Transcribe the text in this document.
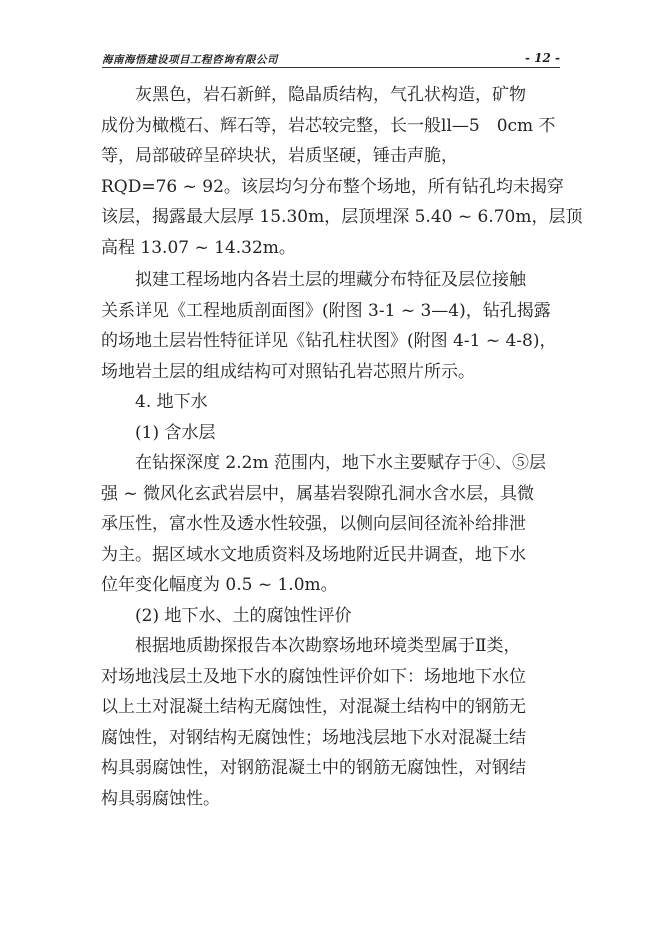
海南海悟建设项目工程咨询有限公司	- 12 -
灰黑色，岩石新鲜，隐晶质结构，气孔状构造，矿物
成份为橄榄石、辉石等，岩芯较完整，长一般ll—5　0cm 不
等，局部破碎呈碎块状，岩质坚硬，锤击声脆，
RQD=76 ~ 92。该层均匀分布整个场地，所有钻孔均未揭穿
该层，揭露最大层厚 15.30m，层顶埋深 5.40 ~ 6.70m，层顶
高程 13.07 ~ 14.32m。
拟建工程场地内各岩土层的埋藏分布特征及层位接触
关系详见《工程地质剖面图》(附图 3-1 ~ 3—4)，钻孔揭露
的场地土层岩性特征详见《钻孔柱状图》(附图 4-1 ~ 4-8)，
场地岩土层的组成结构可对照钻孔岩芯照片所示。
4. 地下水
(1) 含水层
在钻探深度 2.2m 范围内，地下水主要赋存于④、⑤层
强 ~ 微风化玄武岩层中，属基岩裂隙孔洞水含水层，具微
承压性，富水性及透水性较强，以侧向层间径流补给排泄
为主。据区域水文地质资料及场地附近民井调查，地下水
位年变化幅度为 0.5 ~ 1.0m。
(2) 地下水、土的腐蚀性评价
根据地质勘探报告本次勘察场地环境类型属于Ⅱ类，
对场地浅层土及地下水的腐蚀性评价如下：场地地下水位
以上土对混凝土结构无腐蚀性，对混凝土结构中的钢筋无
腐蚀性，对钢结构无腐蚀性；场地浅层地下水对混凝土结
构具弱腐蚀性，对钢筋混凝土中的钢筋无腐蚀性，对钢结
构具弱腐蚀性。
